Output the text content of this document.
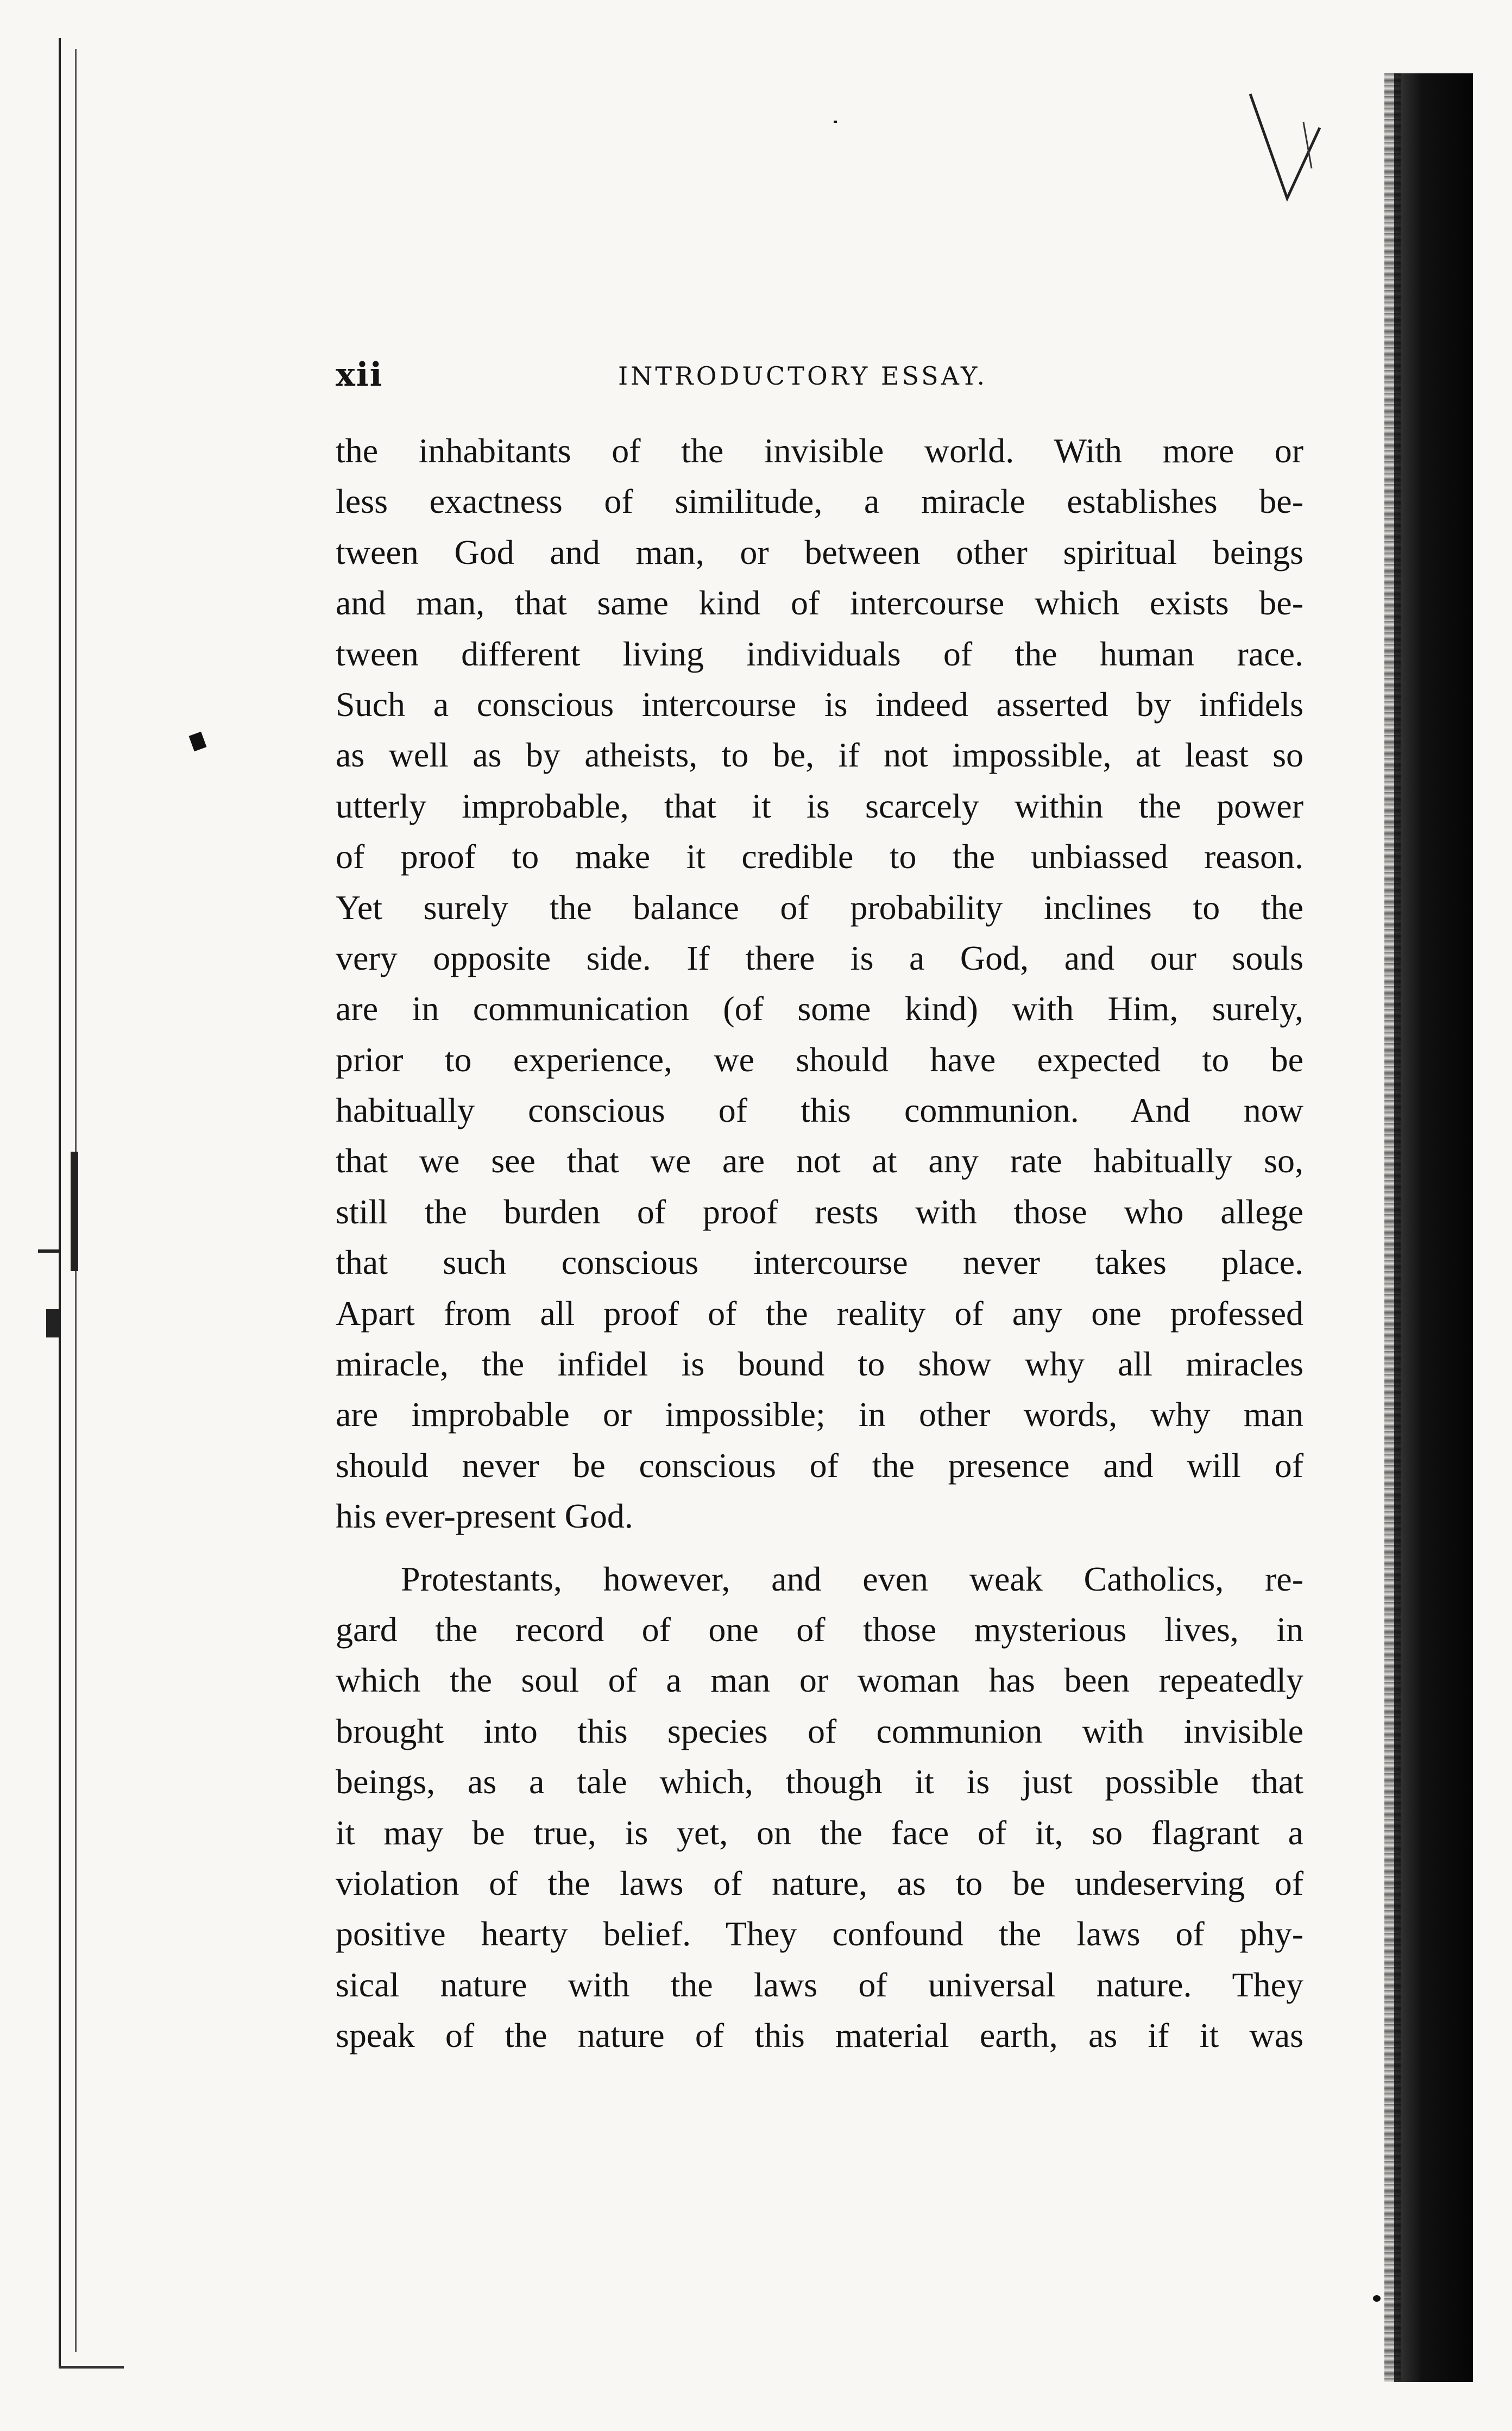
xii	INTRODUCTORY ESSAY.
the inhabitants of the invisible world. With more or
less exactness of similitude, a miracle establishes be-
tween God and man, or between other spiritual beings
and man, that same kind of intercourse which exists be-
tween different living individuals of the human race.
Such a conscious intercourse is indeed asserted by infidels
as well as by atheists, to be, if not impossible, at least so
utterly improbable, that it is scarcely within the power
of proof to make it credible to the unbiassed reason.
Yet surely the balance of probability inclines to the
very opposite side. If there is a God, and our souls
are in communication (of some kind) with Him, surely,
prior to experience, we should have expected to be
habitually conscious of this communion. And now
that we see that we are not at any rate habitually so,
still the burden of proof rests with those who allege
that such conscious intercourse never takes place.
Apart from all proof of the reality of any one professed
miracle, the infidel is bound to show why all miracles
are improbable or impossible; in other words, why man
should never be conscious of the presence and will of
his ever-present God.
Protestants, however, and even weak Catholics, re-
gard the record of one of those mysterious lives, in
which the soul of a man or woman has been repeatedly
brought into this species of communion with invisible
beings, as a tale which, though it is just possible that
it may be true, is yet, on the face of it, so flagrant a
violation of the laws of nature, as to be undeserving of
positive hearty belief. They confound the laws of phy-
sical nature with the laws of universal nature. They
speak of the nature of this material earth, as if it was
